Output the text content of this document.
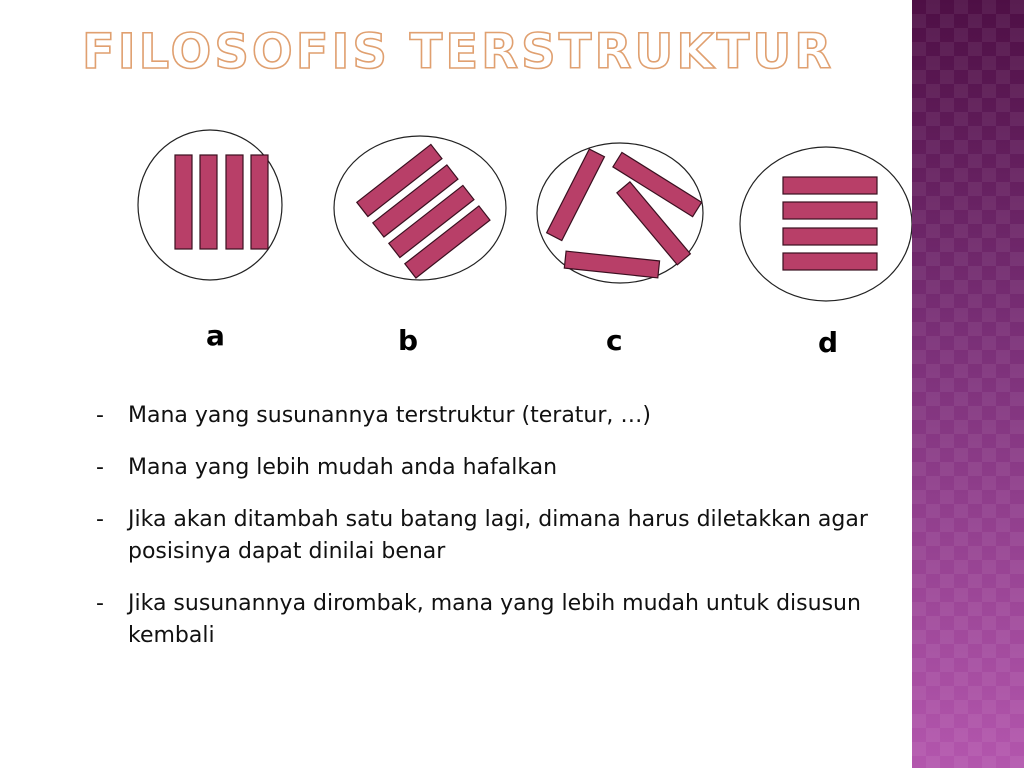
FILOSOFIS TERSTRUKTUR
a	b	c	d
- Mana yang susunannya terstruktur (teratur, …)
- Mana yang lebih mudah anda hafalkan
- Jika akan ditambah satu batang lagi, dimana harus diletakkan agar posisinya dapat dinilai benar
- Jika susunannya dirombak, mana yang lebih mudah untuk disusun kembali
